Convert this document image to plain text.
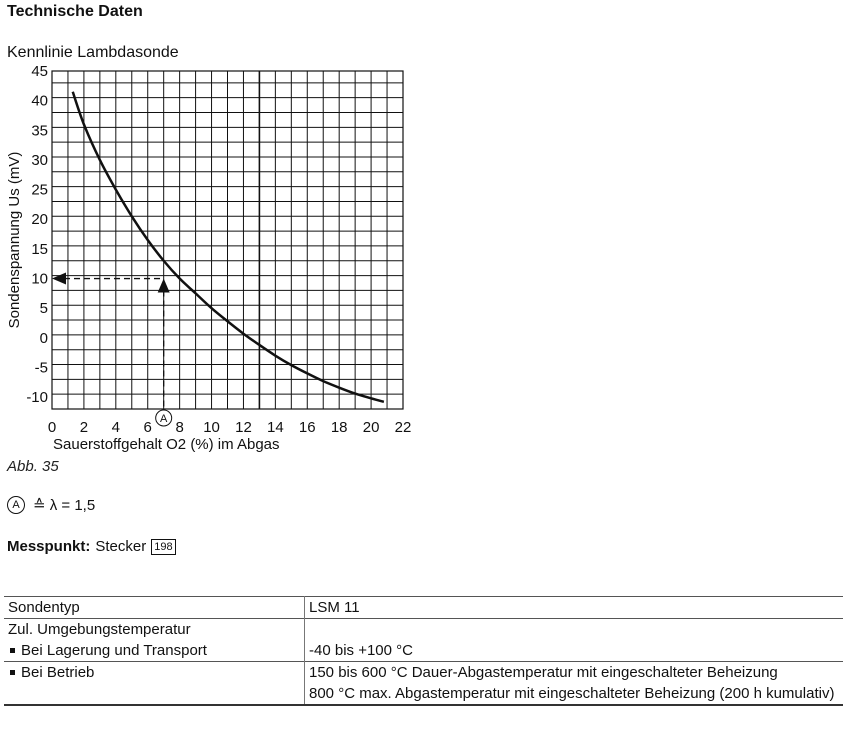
Technische Daten
Kennlinie Lambdasonde
45
40
35
30
25
20
15
10
5
0
-5
-10
0 2 4 6 8 10 12 14 16 18 20 22
Sondenspannung Us (mV)
Sauerstoffgehalt O2 (%) im Abgas
A
Abb. 35
A ≙ λ = 1,5
Messpunkt: Stecker 198
Sondentyp	LSM 11
Zul. Umgebungstemperatur	
Bei Lagerung und Transport	-40 bis +100 °C
Bei Betrieb	150 bis 600 °C Dauer-Abgastemperatur mit eingeschalteter Beheizung
	800 °C max. Abgastemperatur mit eingeschalteter Beheizung (200 h kumulativ)
